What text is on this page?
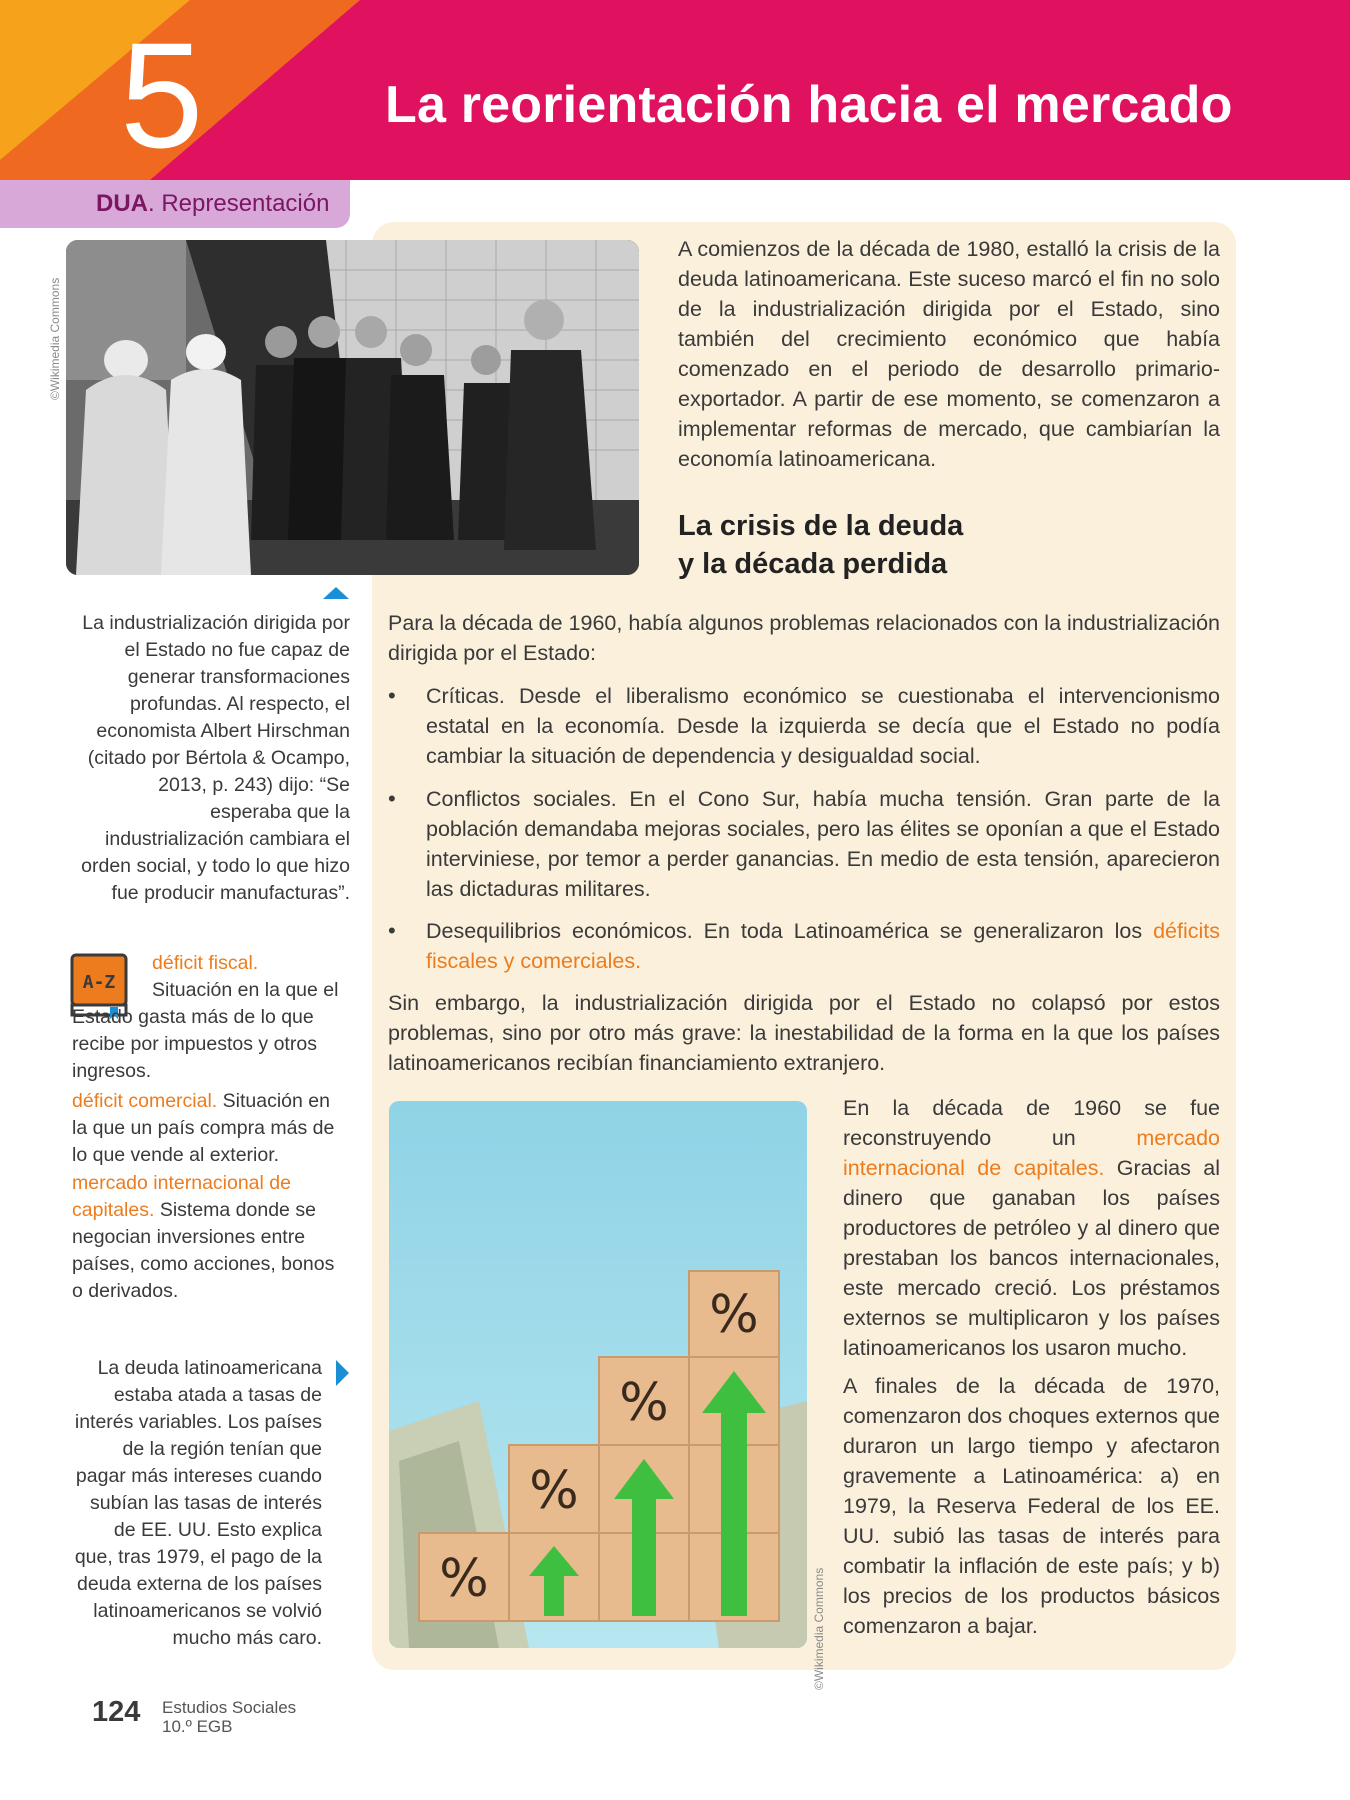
5	La reorientación hacia el mercado
DUA. Representación
©Wikimedia Commons
A comienzos de la década de 1980, estalló la crisis de la deuda latinoamericana. Este suceso marcó el fin no solo de la industrialización dirigida por el Estado, sino también del crecimiento económico que había comenzado en el periodo de desarrollo primario-exportador. A partir de ese momento, se comenzaron a implementar reformas de mercado, que cambiarían la economía latinoamericana.
La crisis de la deuda
y la década perdida
Para la década de 1960, había algunos problemas relacionados con la industrialización dirigida por el Estado:
•	Críticas. Desde el liberalismo económico se cuestionaba el intervencionismo estatal en la economía. Desde la izquierda se decía que el Estado no podía cambiar la situación de dependencia y desigualdad social.
•	Conflictos sociales. En el Cono Sur, había mucha tensión. Gran parte de la población demandaba mejoras sociales, pero las élites se oponían a que el Estado interviniese, por temor a perder ganancias. En medio de esta tensión, aparecieron las dictaduras militares.
•	Desequilibrios económicos. En toda Latinoamérica se generalizaron los déficits fiscales y comerciales.
Sin embargo, la industrialización dirigida por el Estado no colapsó por estos problemas, sino por otro más grave: la inestabilidad de la forma en la que los países latinoamericanos recibían financiamiento extranjero.
%
%
%
%
©Wikimedia Commons
En la década de 1960 se fue reconstruyendo un mercado internacional de capitales. Gracias al dinero que ganaban los países productores de petróleo y al dinero que prestaban los bancos internacionales, este mercado creció. Los préstamos externos se multiplicaron y los países latinoamericanos los usaron mucho.
A finales de la década de 1970, comenzaron dos choques externos que duraron un largo tiempo y afectaron gravemente a Latinoamérica: a) en 1979, la Reserva Federal de los EE. UU. subió las tasas de interés para combatir la inflación de este país; y b) los precios de los productos básicos comenzaron a bajar.
La industrialización dirigida por el Estado no fue capaz de generar transformaciones profundas. Al respecto, el economista Albert Hirschman (citado por Bértola & Ocampo, 2013, p. 243) dijo: “Se esperaba que la industrialización cambiara el orden social, y todo lo que hizo fue producir manufacturas”.
A-Z
déficit fiscal.
Situación en la que el Estado gasta más de lo que recibe por impuestos y otros ingresos.
déficit comercial. Situación en la que un país compra más de lo que vende al exterior.
mercado internacional de capitales. Sistema donde se negocian inversiones entre países, como acciones, bonos o derivados.
La deuda latinoamericana estaba atada a tasas de interés variables. Los países de la región tenían que pagar más intereses cuando subían las tasas de interés de EE. UU. Esto explica que, tras 1979, el pago de la deuda externa de los países latinoamericanos se volvió mucho más caro.
124 Estudios Sociales
10.º EGB
